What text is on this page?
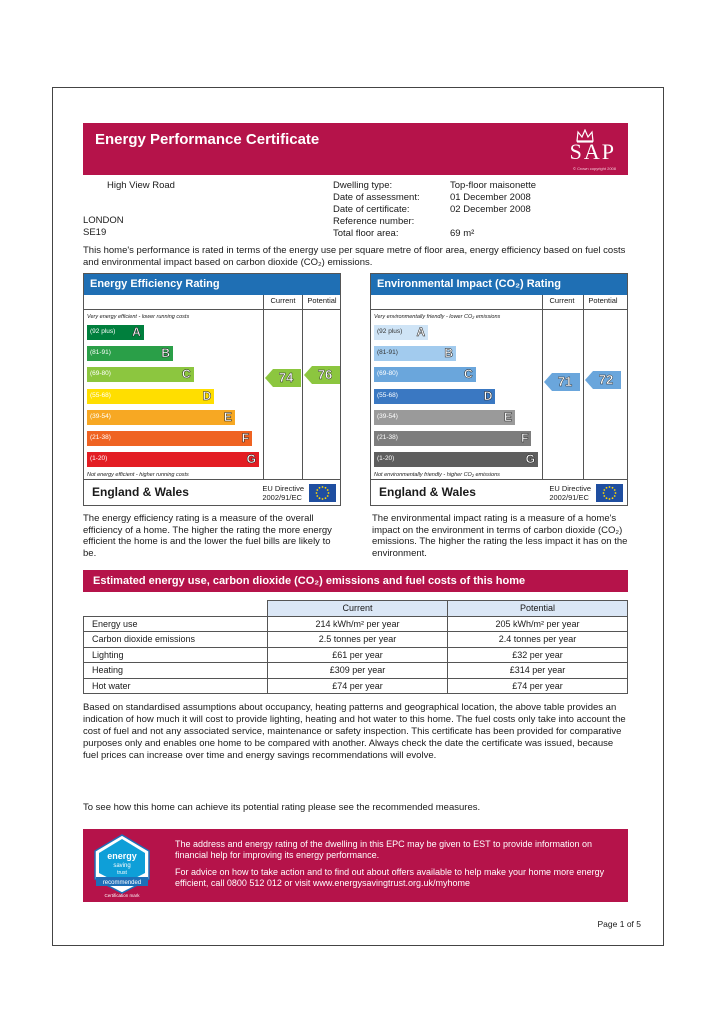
Energy Performance Certificate	SAP
© Crown copyright 2008
High View Road
LONDON
SE19
Dwelling type:	Top-floor maisonette
Date of assessment:	01 December 2008
Date of certificate:	02 December 2008
Reference number:
Total floor area:	69 m²
This home's performance is rated in terms of the energy use per square metre of floor area, energy efficiency based on fuel costs and environmental impact based on carbon dioxide (CO₂) emissions.
Energy Efficiency Rating
Current	Potential
Very energy efficient - lower running costs
Not energy efficient - higher running costs
(92 plus) A
(81-91)	B
(69-80)	C
(55-68)	D
(39-54)	E
(21-38)	F
(1-20)	G
74	76
England & Wales	EU Directive
2002/91/EC
Environmental Impact (CO₂) Rating
Current	Potential
Very environmentally friendly - lower CO₂ emissions
Not environmentally friendly - higher CO₂ emissions
(92 plus) A
(81-91)	B
(69-80)	C
(55-68)	D
(39-54)	E
(21-38)	F
(1-20)	G
71	72
England & Wales	EU Directive
2002/91/EC
The energy efficiency rating is a measure of the overall efficiency of a home. The higher the rating the more energy efficient the home is and the lower the fuel bills are likely to be.
The environmental impact rating is a measure of a home's impact on the environment in terms of carbon dioxide (CO₂) emissions. The higher the rating the less impact it has on the environment.
Estimated energy use, carbon dioxide (CO₂) emissions and fuel costs of this home
	Current	Potential
Energy use	214 kWh/m² per year	205 kWh/m² per year
Carbon dioxide emissions	2.5 tonnes per year	2.4 tonnes per year
Lighting	£61 per year	£32 per year
Heating	£309 per year	£314 per year
Hot water	£74 per year	£74 per year
Based on standardised assumptions about occupancy, heating patterns and geographical location, the above table provides an indication of how much it will cost to provide lighting, heating and hot water to this home. The fuel costs only take into account the cost of fuel and not any associated service, maintenance or safety inspection. This certificate has been provided for comparative purposes only and enables one home to be compared with another. Always check the date the certificate was issued, because fuel prices can increase over time and energy savings recommendations will evolve.
To see how this home can achieve its potential rating please see the recommended measures.
energy
saving
trust
recommended
Certification mark
The address and energy rating of the dwelling in this EPC may be given to EST to provide information on financial help for improving its energy performance.
For advice on how to take action and to find out about offers available to help make your home more energy efficient, call 0800 512 012 or visit www.energysavingtrust.org.uk/myhome
Page 1 of 5
